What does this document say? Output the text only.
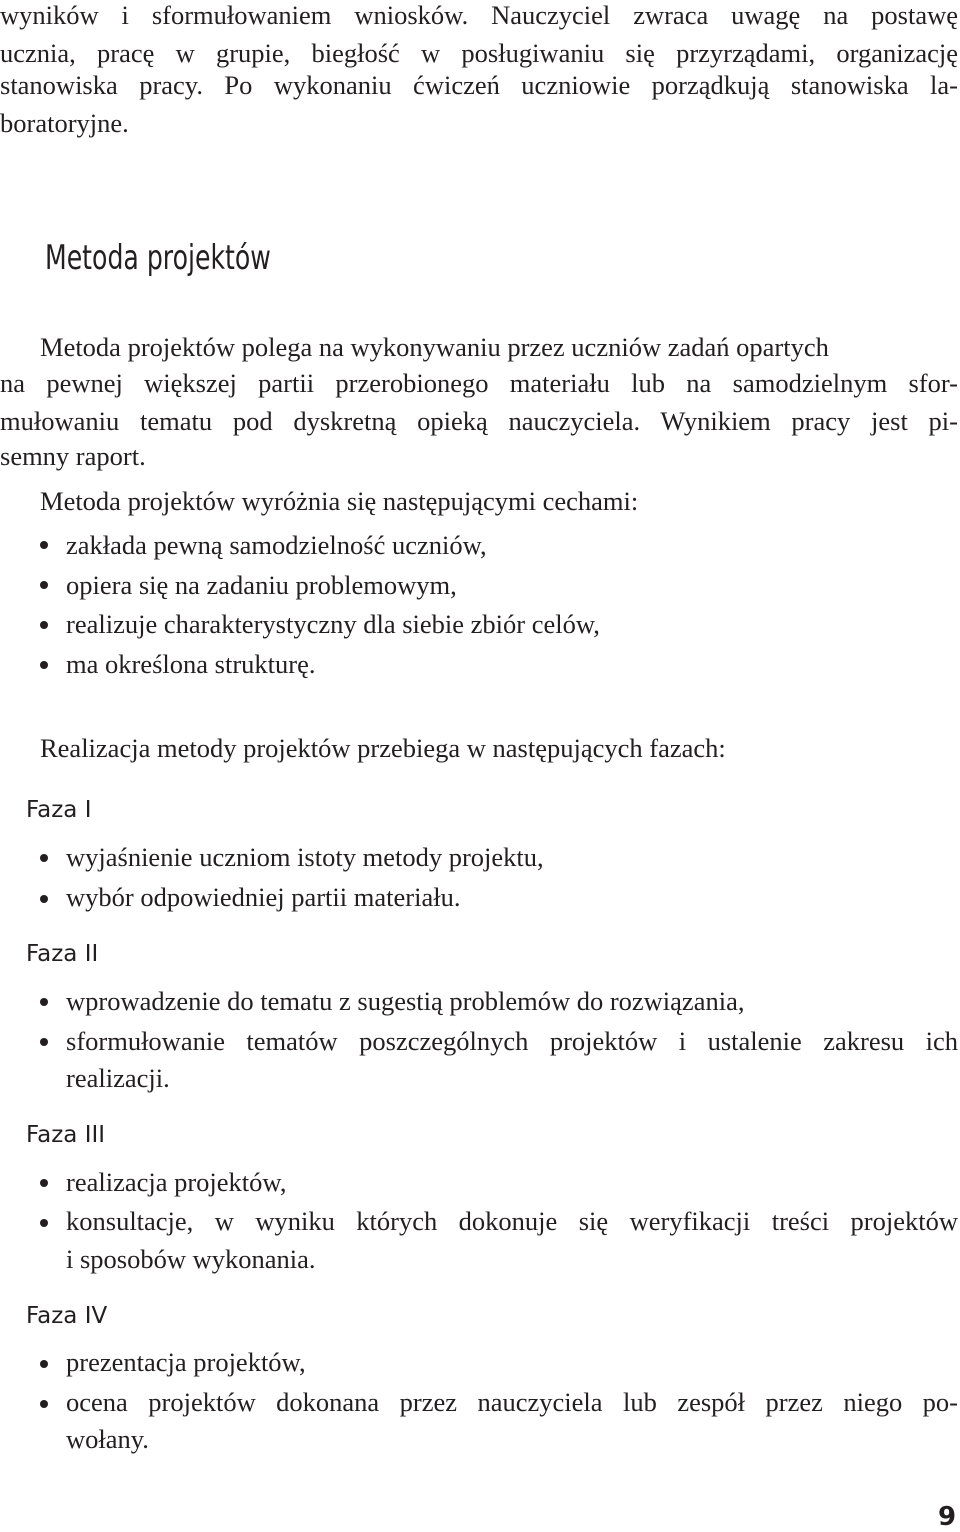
wyników i sformułowaniem wniosków. Nauczyciel zwraca uwagę na postawę
ucznia, pracę w grupie, biegłość w posługiwaniu się przyrządami, organizację
stanowiska pracy. Po wykonaniu ćwiczeń uczniowie porządkują stanowiska la-
boratoryjne.
Metoda projektów
Metoda projektów polega na wykonywaniu przez uczniów zadań opartych
na pewnej większej partii przerobionego materiału lub na samodzielnym sfor-
mułowaniu tematu pod dyskretną opieką nauczyciela. Wynikiem pracy jest pi-
semny raport.
Metoda projektów wyróżnia się następującymi cechami:
zakłada pewną samodzielność uczniów,
opiera się na zadaniu problemowym,
realizuje charakterystyczny dla siebie zbiór celów,
ma określona strukturę.
Realizacja metody projektów przebiega w następujących fazach:
Faza I
wyjaśnienie uczniom istoty metody projektu,
wybór odpowiedniej partii materiału.
Faza II
wprowadzenie do tematu z sugestią problemów do rozwiązania,
sformułowanie tematów poszczególnych projektów i ustalenie zakresu ich
realizacji.
Faza III
realizacja projektów,
konsultacje, w wyniku których dokonuje się weryfikacji treści projektów
i sposobów wykonania.
Faza IV
prezentacja projektów,
ocena projektów dokonana przez nauczyciela lub zespół przez niego po-
wołany.
9
